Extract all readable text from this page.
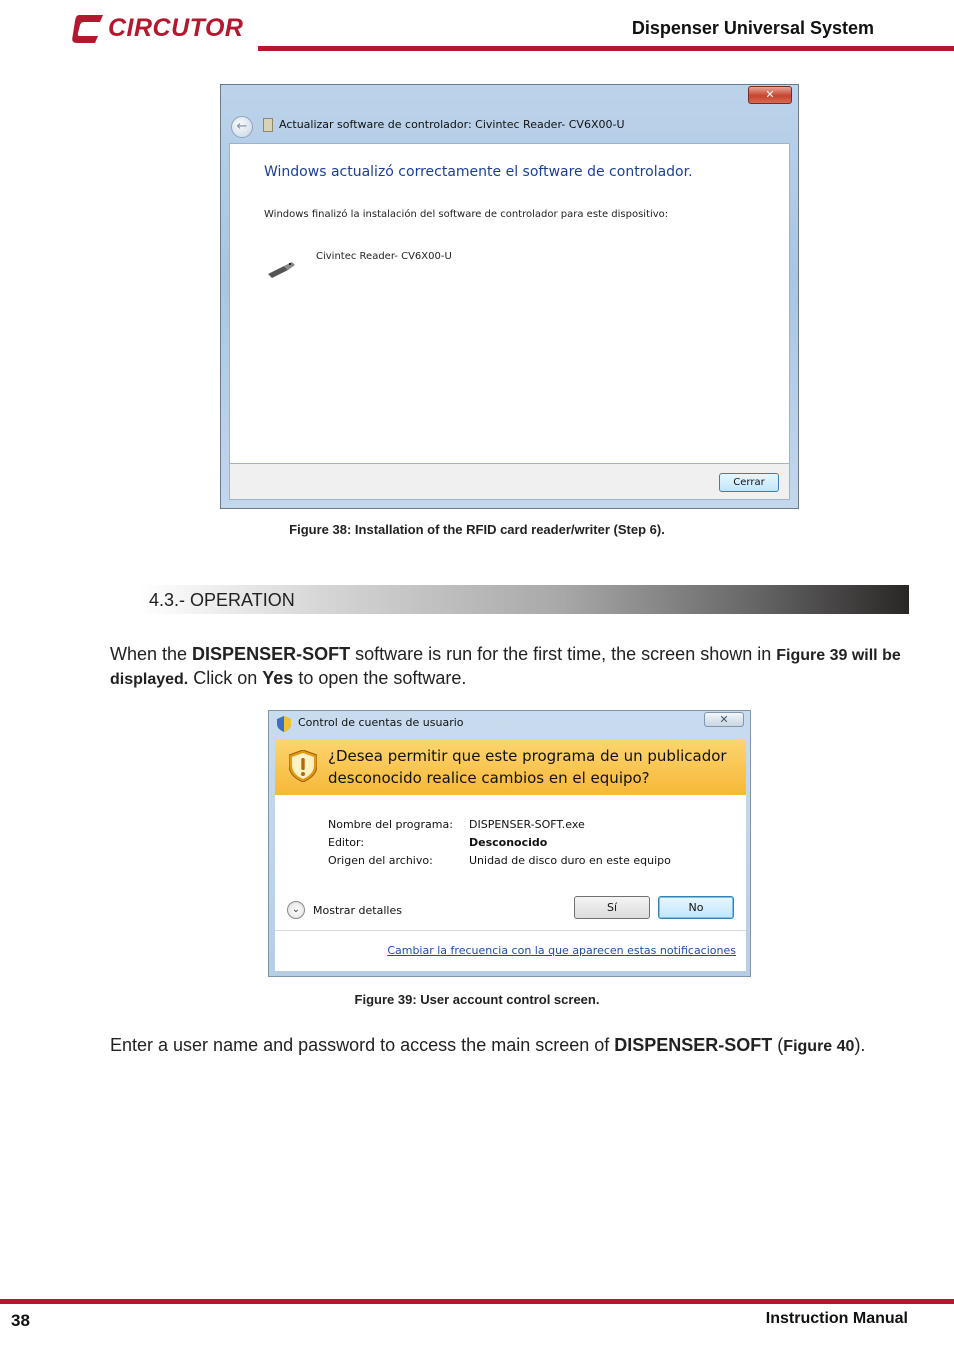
CIRCUTOR	Dispenser Universal System
✕
←	Actualizar software de controlador: Civintec Reader- CV6X00-U
Windows actualizó correctamente el software de controlador.
Windows finalizó la instalación del software de controlador para este dispositivo:
Civintec Reader- CV6X00-U
Cerrar
Figure 38: Installation of the RFID card reader/writer (Step 6).
4.3.- OPERATION
When the DISPENSER-SOFT software is run for the first time, the screen shown in Figure 39 will be displayed. Click on Yes to open the software.
Control de cuentas de usuario	✕
¿Desea permitir que este programa de un publicador
desconocido realice cambios en el equipo?
Nombre del programa: DISPENSER-SOFT.exe
Editor:	Desconocido
Origen del archivo:	Unidad de disco duro en este equipo
⌄	Mostrar detalles	Sí	No
Cambiar la frecuencia con la que aparecen estas notificaciones
Figure 39: User account control screen.
Enter a user name and password to access the main screen of DISPENSER-SOFT (Figure 40).
38	Instruction Manual
